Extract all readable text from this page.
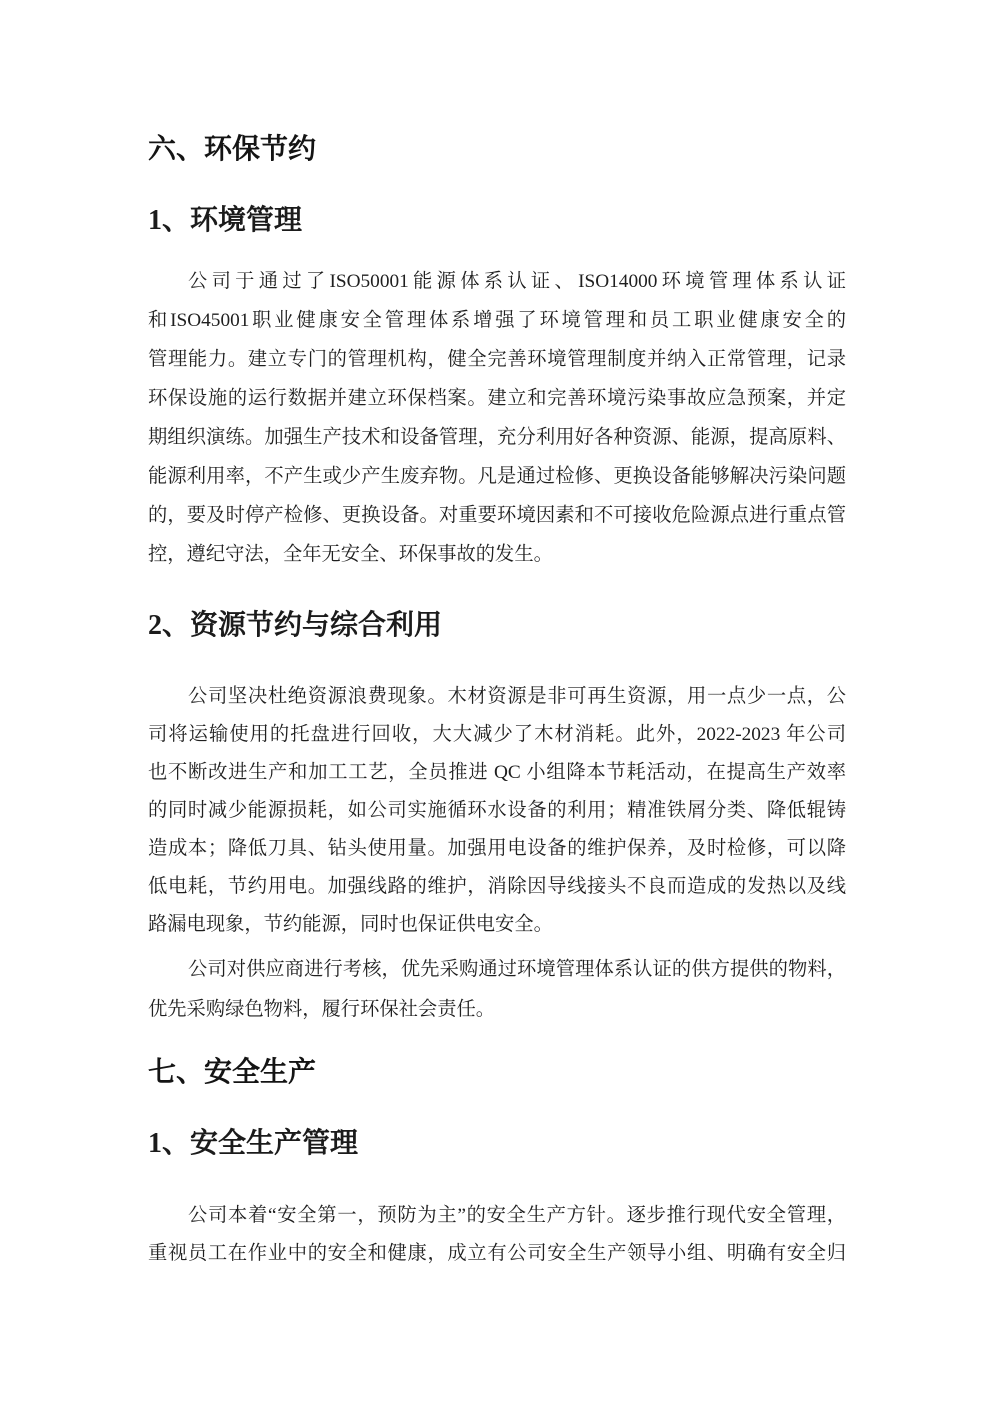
六、环保节约
1、环境管理
公司于通过了ISO50001能源体系认证、ISO14000环境管理体系认证
和ISO45001职业健康安全管理体系增强了环境管理和员工职业健康安全的
管理能力。建立专门的管理机构，健全完善环境管理制度并纳入正常管理，记录
环保设施的运行数据并建立环保档案。建立和完善环境污染事故应急预案，并定
期组织演练。加强生产技术和设备管理，充分利用好各种资源、能源，提高原料、
能源利用率，不产生或少产生废弃物。凡是通过检修、更换设备能够解决污染问题
的，要及时停产检修、更换设备。对重要环境因素和不可接收危险源点进行重点管
控，遵纪守法，全年无安全、环保事故的发生。
2、资源节约与综合利用
公司坚决杜绝资源浪费现象。木材资源是非可再生资源，用一点少一点，公
司将运输使用的托盘进行回收，大大减少了木材消耗。此外，2022-2023 年公司
也不断改进生产和加工工艺，全员推进 QC 小组降本节耗活动，在提高生产效率
的同时减少能源损耗，如公司实施循环水设备的利用；精准铁屑分类、降低辊铸
造成本；降低刀具、钻头使用量。加强用电设备的维护保养，及时检修，可以降
低电耗，节约用电。加强线路的维护，消除因导线接头不良而造成的发热以及线
路漏电现象，节约能源，同时也保证供电安全。
公司对供应商进行考核，优先采购通过环境管理体系认证的供方提供的物料，
优先采购绿色物料，履行环保社会责任。
七、安全生产
1、安全生产管理
公司本着“安全第一，预防为主”的安全生产方针。逐步推行现代安全管理，
重视员工在作业中的安全和健康，成立有公司安全生产领导小组、明确有安全归
